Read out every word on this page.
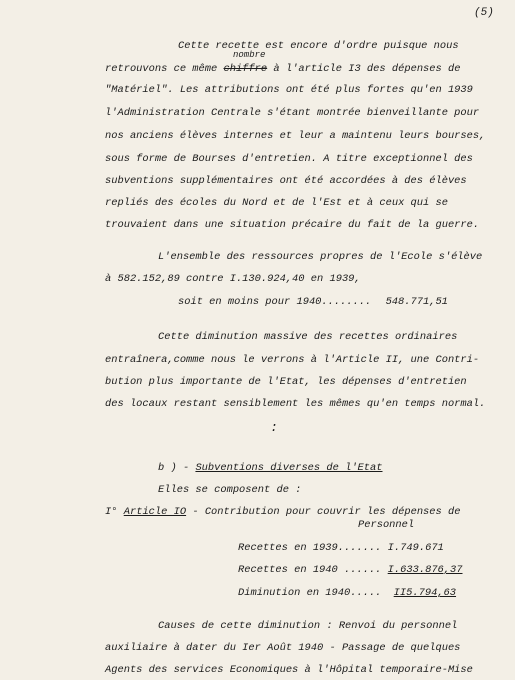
(5)
nombre
Cette recette est encore d'ordre puisque nous
retrouvons ce même chiffre à l'article I3 des dépenses de
"Matériel". Les attributions ont été plus fortes qu'en 1939
l'Administration Centrale s'étant montrée bienveillante pour
nos anciens élèves internes et leur a maintenu leurs bourses,
sous forme de Bourses d'entretien. A titre exceptionnel des
subventions supplémentaires ont été accordées à des élèves
repliés des écoles du Nord et de l'Est et à ceux qui se
trouvaient dans une situation précaire du fait de la guerre.
L'ensemble des ressources propres de l'Ecole s'élève
à 582.152,89 contre I.130.924,40 en 1939,
soit en moins pour 1940........ 548.771,51
Cette diminution massive des recettes ordinaires
entraînera,comme nous le verrons à l'Article II, une Contri-
bution plus importante de l'Etat, les dépenses d'entretien
des locaux restant sensiblement les mêmes qu'en temps normal.
:
b ) - Subventions diverses de l'Etat
Elles se composent de :
I° Article IO - Contribution pour couvrir les dépenses de
Personnel
Recettes en 1939....... I.749.671
Recettes en 1940 ...... I.633.876,37
Diminution en 1940..... II5.794,63
Causes de cette diminution : Renvoi du personnel
auxiliaire à dater du Ier Août 1940 - Passage de quelques
Agents des services Economiques à l'Hôpital temporaire-Mise
